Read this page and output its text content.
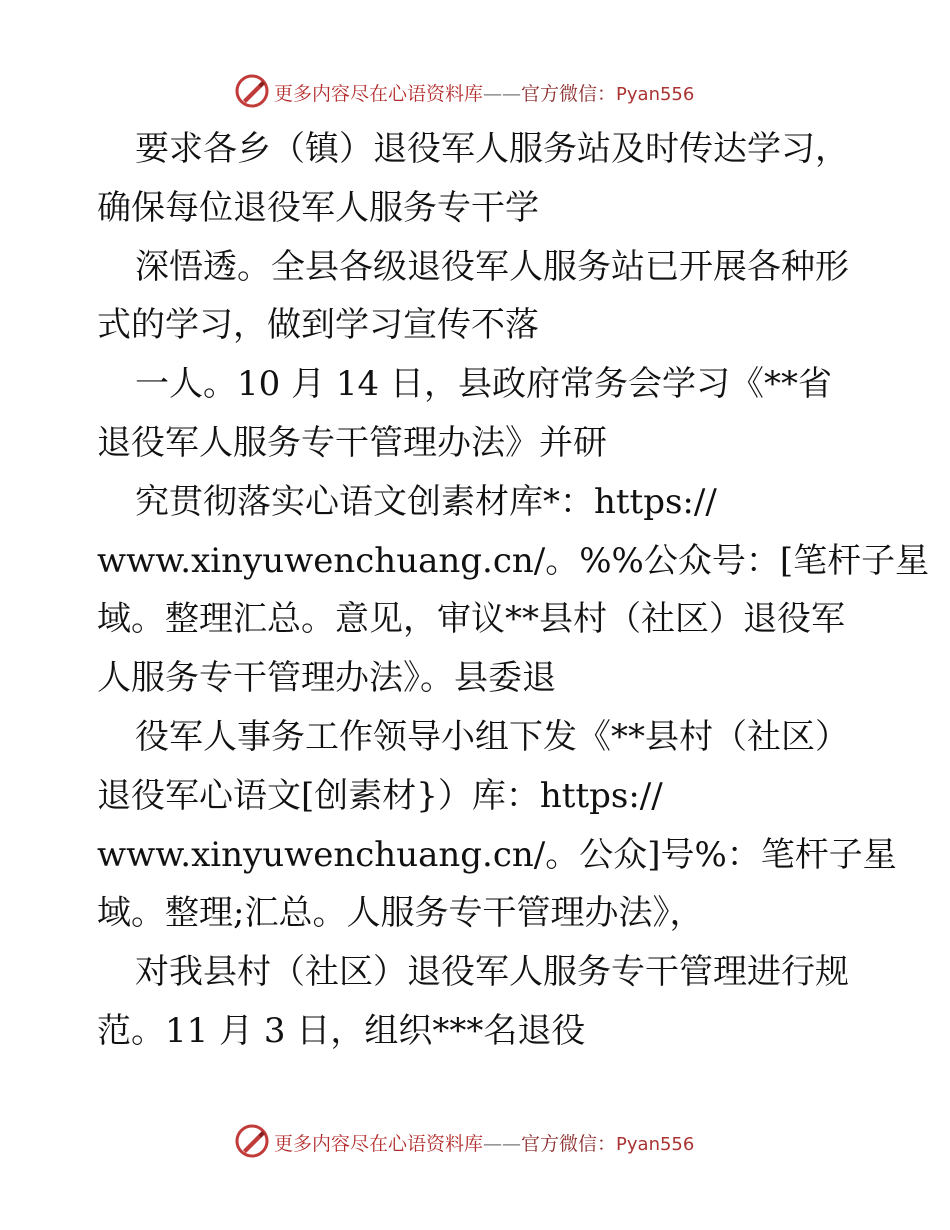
更多内容尽在心语资料库——官方微信：Pyan556
要求各乡（镇）退役军人服务站及时传达学习，
确保每位退役军人服务专干学
深悟透。全县各级退役军人服务站已开展各种形
式的学习，做到学习宣传不落
一人。10 月 14 日，县政府常务会学习《**省
退役军人服务专干管理办法》并研
究贯彻落实心语文创素材库*：https://
www.xinyuwenchuang.cn/。%%公众号：[笔杆子星
域。整理汇总。意见，审议**县村（社区）退役军
人服务专干管理办法》。县委退
役军人事务工作领导小组下发《**县村（社区）
退役军心语文[创素材}）库：https://
www.xinyuwenchuang.cn/。公众]号%：笔杆子星
域。整理;汇总。人服务专干管理办法》，
对我县村（社区）退役军人服务专干管理进行规
范。11 月 3 日，组织***名退役
更多内容尽在心语资料库——官方微信：Pyan556
